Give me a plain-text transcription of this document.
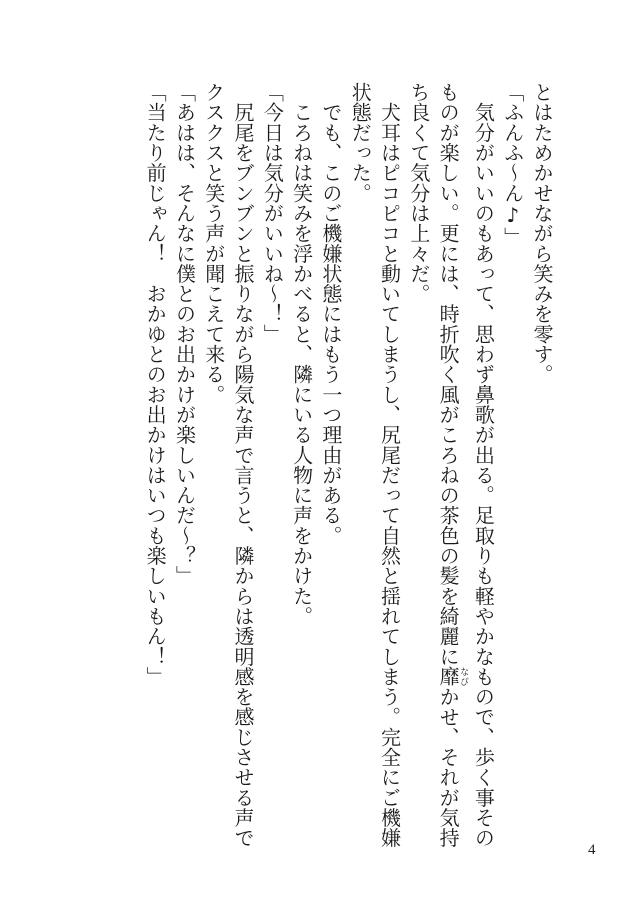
とはためかせながら笑みを零す。
「ふんふ～ん♪」
　気分がいいのもあって、思わず鼻歌が出る。足取りも軽やかなもので、歩く事その
ものが楽しい。更には、時折吹く風がころねの茶色の髪を綺麗に靡なびかせ、それが気持
ち良くて気分は上々だ。
　犬耳はピコピコと動いてしまうし、尻尾だって自然と揺れてしまう。完全にご機嫌
状態だった。
　でも、このご機嫌状態にはもう一つ理由がある。
　ころねは笑みを浮かべると、隣にいる人物に声をかけた。
「今日は気分がいいね～！」
　尻尾をブンブンと振りながら陽気な声で言うと、隣からは透明感を感じさせる声で
クスクスと笑う声が聞こえて来る。
「あはは、そんなに僕とのお出かけが楽しいんだ～？」
「当たり前じゃん！　おかゆとのお出かけはいつも楽しいもん！」
4
